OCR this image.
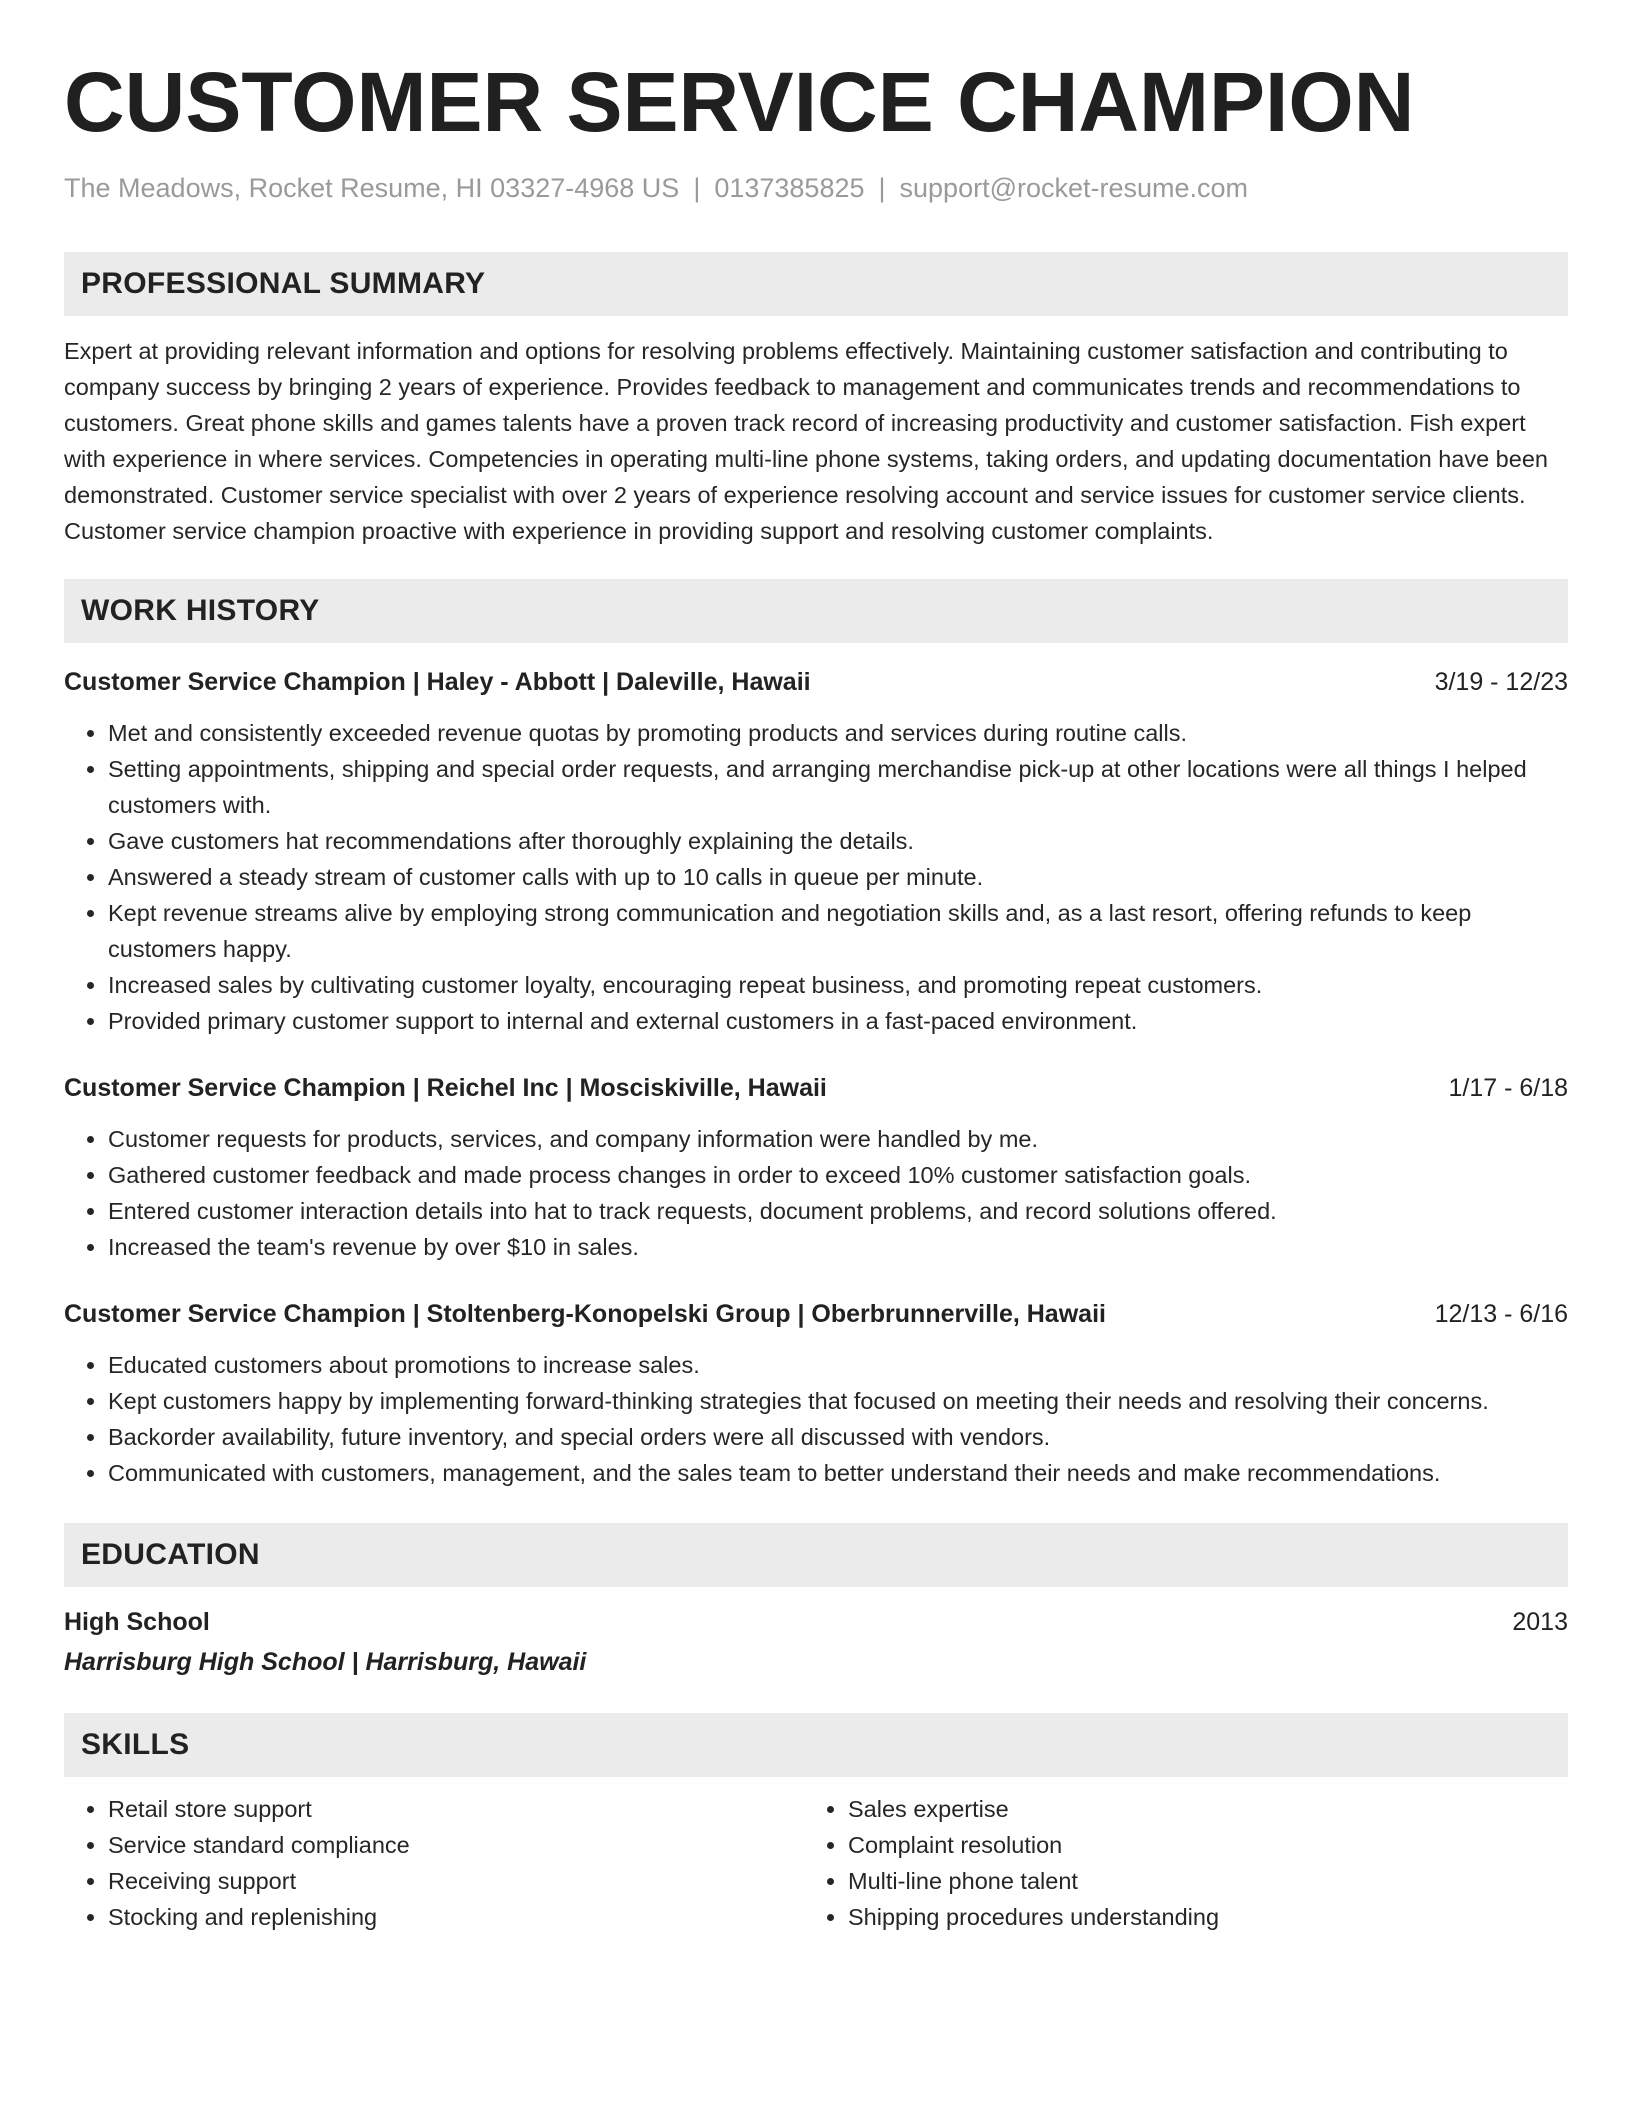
CUSTOMER SERVICE CHAMPION
The Meadows, Rocket Resume, HI 03327-4968 US | 0137385825 | support@rocket-resume.com
PROFESSIONAL SUMMARY
Expert at providing relevant information and options for resolving problems effectively. Maintaining customer satisfaction and contributing to company success by bringing 2 years of experience. Provides feedback to management and communicates trends and recommendations to customers. Great phone skills and games talents have a proven track record of increasing productivity and customer satisfaction. Fish expert with experience in where services. Competencies in operating multi-line phone systems, taking orders, and updating documentation have been demonstrated. Customer service specialist with over 2 years of experience resolving account and service issues for customer service clients. Customer service champion proactive with experience in providing support and resolving customer complaints.
WORK HISTORY
Customer Service Champion | Haley - Abbott | Daleville, Hawaii	3/19 - 12/23
• Met and consistently exceeded revenue quotas by promoting products and services during routine calls.
• Setting appointments, shipping and special order requests, and arranging merchandise pick-up at other locations were all things I helped customers with.
• Gave customers hat recommendations after thoroughly explaining the details.
• Answered a steady stream of customer calls with up to 10 calls in queue per minute.
• Kept revenue streams alive by employing strong communication and negotiation skills and, as a last resort, offering refunds to keep customers happy.
• Increased sales by cultivating customer loyalty, encouraging repeat business, and promoting repeat customers.
• Provided primary customer support to internal and external customers in a fast-paced environment.
Customer Service Champion | Reichel Inc | Mosciskiville, Hawaii	1/17 - 6/18
• Customer requests for products, services, and company information were handled by me.
• Gathered customer feedback and made process changes in order to exceed 10% customer satisfaction goals.
• Entered customer interaction details into hat to track requests, document problems, and record solutions offered.
• Increased the team's revenue by over $10 in sales.
Customer Service Champion | Stoltenberg-Konopelski Group | Oberbrunnerville, Hawaii	12/13 - 6/16
• Educated customers about promotions to increase sales.
• Kept customers happy by implementing forward-thinking strategies that focused on meeting their needs and resolving their concerns.
• Backorder availability, future inventory, and special orders were all discussed with vendors.
• Communicated with customers, management, and the sales team to better understand their needs and make recommendations.
EDUCATION
High School	2013
Harrisburg High School | Harrisburg, Hawaii
SKILLS
• Retail store support
• Service standard compliance
• Receiving support
• Stocking and replenishing
• Sales expertise
• Complaint resolution
• Multi-line phone talent
• Shipping procedures understanding
